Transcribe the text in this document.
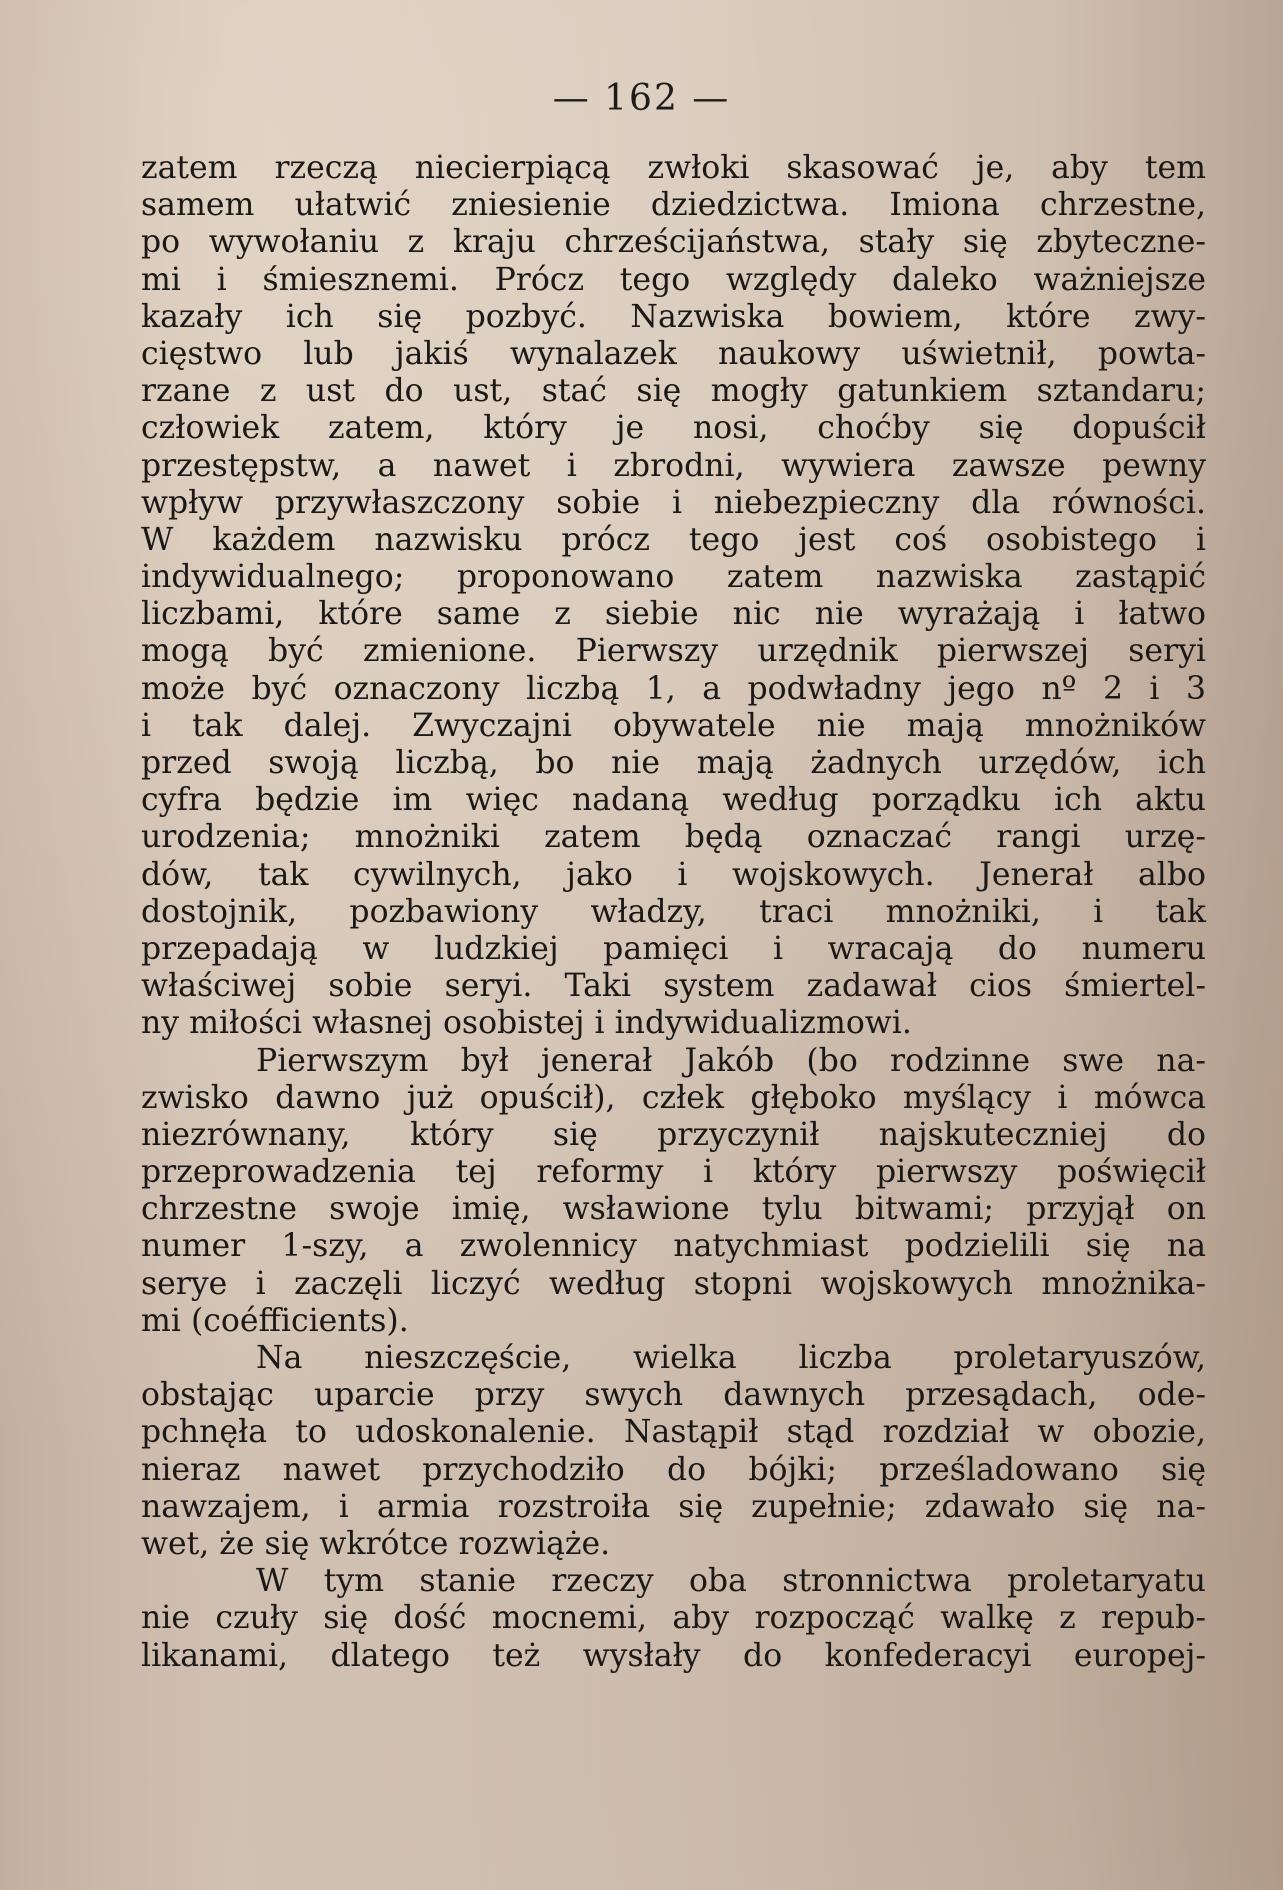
— 162 —
zatem rzeczą niecierpiącą zwłoki skasować je, aby tem
samem ułatwić zniesienie dziedzictwa. Imiona chrzestne,
po wywołaniu z kraju chrześcijaństwa, stały się zbyteczne-
mi i śmiesznemi. Prócz tego względy daleko ważniejsze
kazały ich się pozbyć. Nazwiska bowiem, które zwy-
cięstwo lub jakiś wynalazek naukowy uświetnił, powta-
rzane z ust do ust, stać się mogły gatunkiem sztandaru;
człowiek zatem, który je nosi, choćby się dopuścił
przestępstw, a nawet i zbrodni, wywiera zawsze pewny
wpływ przywłaszczony sobie i niebezpieczny dla równości.
W każdem nazwisku prócz tego jest coś osobistego i
indywidualnego; proponowano zatem nazwiska zastąpić
liczbami, które same z siebie nic nie wyrażają i łatwo
mogą być zmienione. Pierwszy urzędnik pierwszej seryi
może być oznaczony liczbą 1, a podwładny jego nº 2 i 3
i tak dalej. Zwyczajni obywatele nie mają mnożników
przed swoją liczbą, bo nie mają żadnych urzędów, ich
cyfra będzie im więc nadaną według porządku ich aktu
urodzenia; mnożniki zatem będą oznaczać rangi urzę-
dów, tak cywilnych, jako i wojskowych. Jenerał albo
dostojnik, pozbawiony władzy, traci mnożniki, i tak
przepadają w ludzkiej pamięci i wracają do numeru
właściwej sobie seryi. Taki system zadawał cios śmiertel-
ny miłości własnej osobistej i indywidualizmowi.
Pierwszym był jenerał Jakób (bo rodzinne swe na-
zwisko dawno już opuścił), człek głęboko myślący i mówca
niezrównany, który się przyczynił najskuteczniej do
przeprowadzenia tej reformy i który pierwszy poświęcił
chrzestne swoje imię, wsławione tylu bitwami; przyjął on
numer 1-szy, a zwolennicy natychmiast podzielili się na
serye i zaczęli liczyć według stopni wojskowych mnożnika-
mi (coéfficients).
Na nieszczęście, wielka liczba proletaryuszów,
obstając uparcie przy swych dawnych przesądach, ode-
pchnęła to udoskonalenie. Nastąpił stąd rozdział w obozie,
nieraz nawet przychodziło do bójki; prześladowano się
nawzajem, i armia rozstroiła się zupełnie; zdawało się na-
wet, że się wkrótce rozwiąże.
W tym stanie rzeczy oba stronnictwa proletaryatu
nie czuły się dość mocnemi, aby rozpocząć walkę z repub-
likanami, dlatego też wysłały do konfederacyi europej-
